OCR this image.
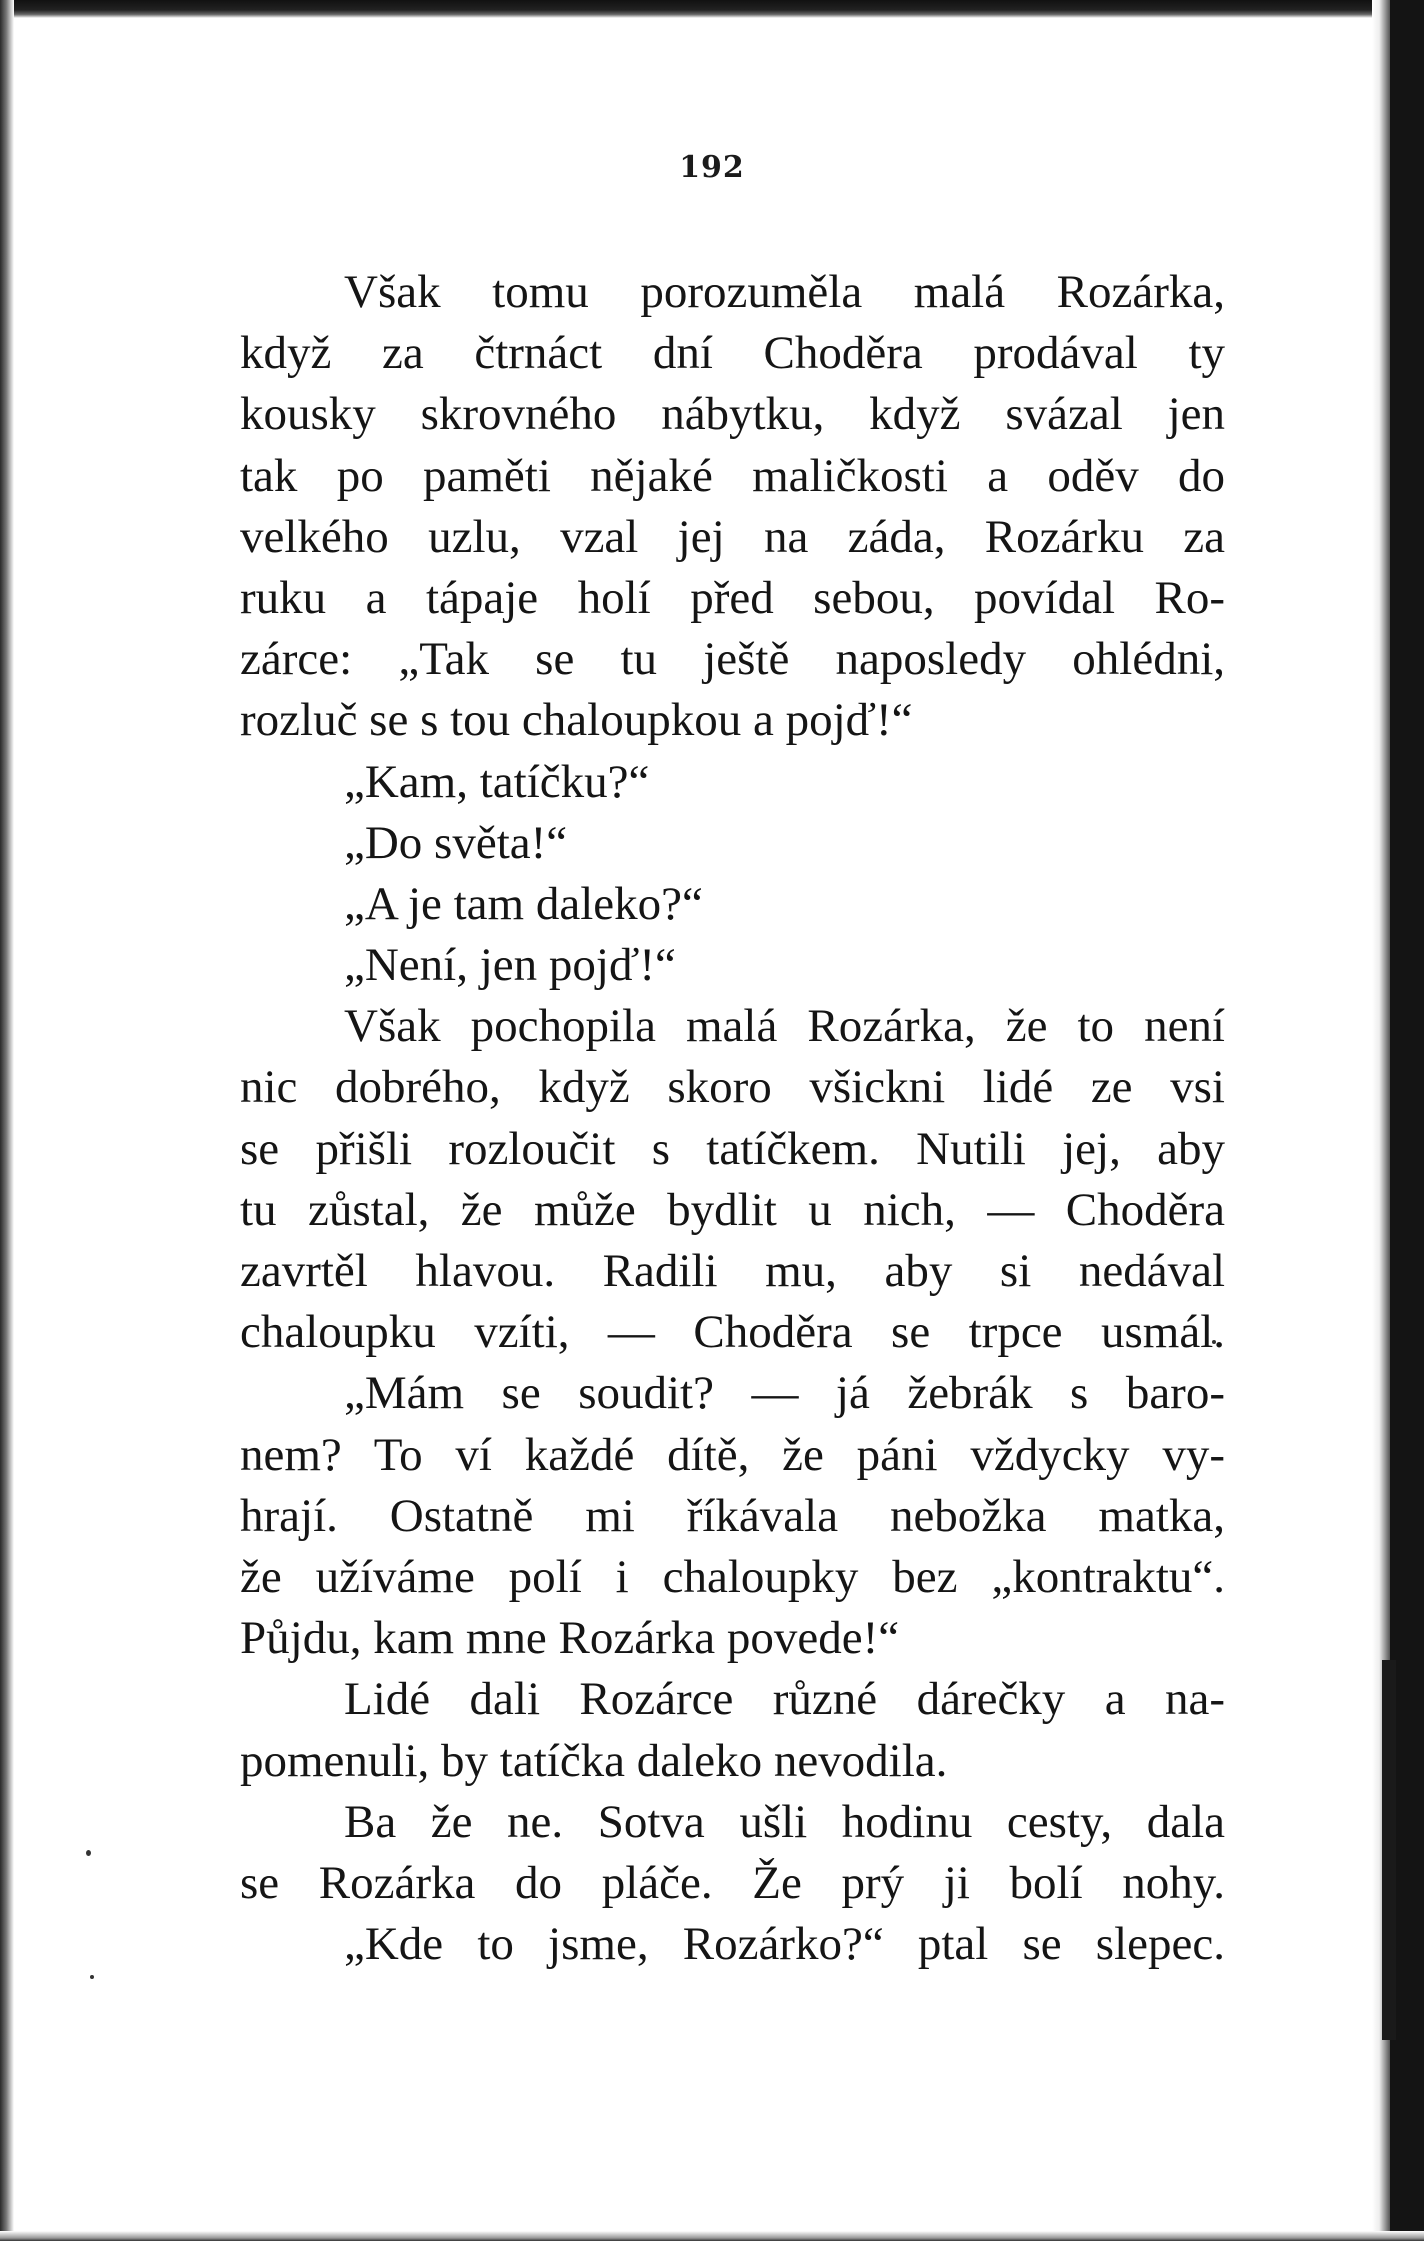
192
Však tomu porozuměla malá Rozárka,
když za čtrnáct dní Choděra prodával ty
kousky skrovného nábytku, když svázal jen
tak po paměti nějaké maličkosti a oděv do
velkého uzlu, vzal jej na záda, Rozárku za
ruku a tápaje holí před sebou, povídal Ro-
zárce: „Tak se tu ještě naposledy ohlédni,
rozluč se s tou chaloupkou a pojď!“
„Kam, tatíčku?“
„Do světa!“
„A je tam daleko?“
„Není, jen pojď!“
Však pochopila malá Rozárka, že to není
nic dobrého, když skoro všickni lidé ze vsi
se přišli rozloučit s tatíčkem. Nutili jej, aby
tu zůstal, že může bydlit u nich, — Choděra
zavrtěl hlavou. Radili mu, aby si nedával
chaloupku vzíti, — Choděra se trpce usmál.
„Mám se soudit? — já žebrák s baro-
nem? To ví každé dítě, že páni vždycky vy-
hrají. Ostatně mi říkávala nebožka matka,
že užíváme polí i chaloupky bez „kontraktu“.
Půjdu, kam mne Rozárka povede!“
Lidé dali Rozárce různé dárečky a na-
pomenuli, by tatíčka daleko nevodila.
Ba že ne. Sotva ušli hodinu cesty, dala
se Rozárka do pláče. Že prý ji bolí nohy.
„Kde to jsme, Rozárko?“ ptal se slepec.
